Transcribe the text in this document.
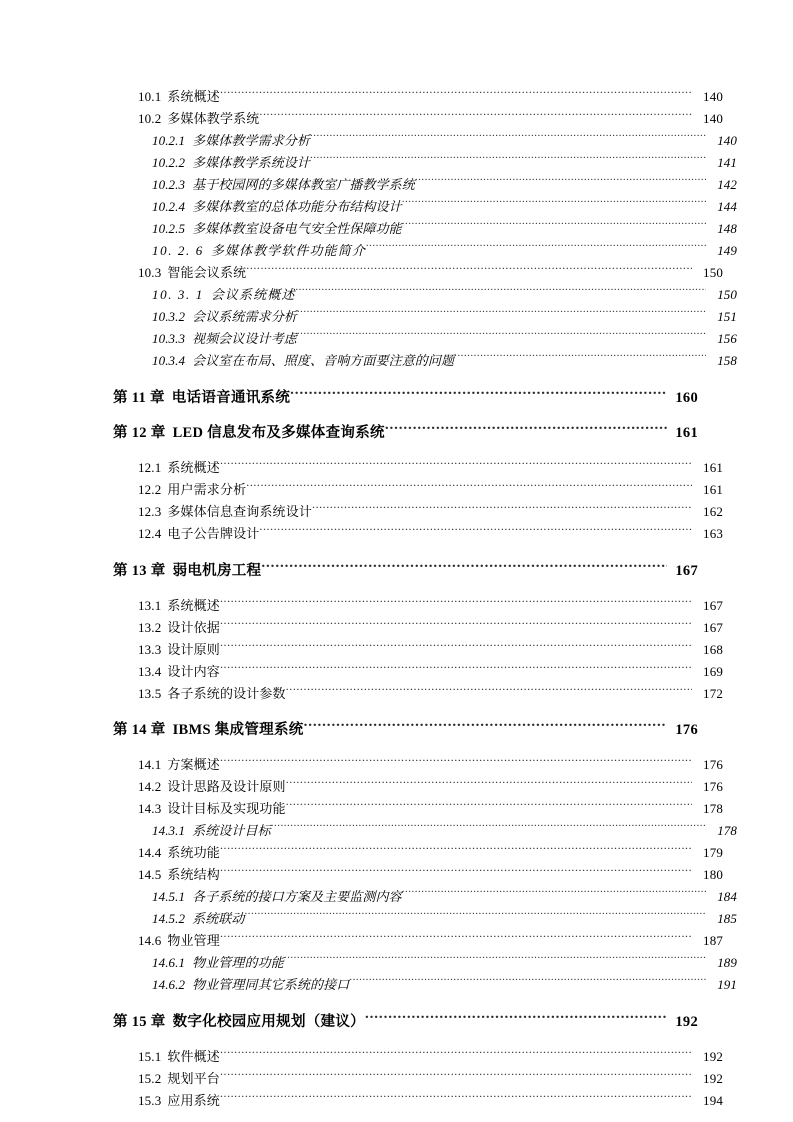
10.1 系统概述 .....	140
10.2 多媒体教学系统 .....	140
10.2.1 多媒体教学需求分析 .....	140
10.2.2 多媒体教学系统设计 .....	141
10.2.3 基于校园网的多媒体教室广播教学系统 .....	142
10.2.4 多媒体教室的总体功能分布结构设计 .....	144
10.2.5 多媒体教室设备电气安全性保障功能 .....	148
10. 2. 6 多媒体教学软件功能简介 .....	149
10.3 智能会议系统 .....	150
10. 3. 1 会议系统概述 .....	150
10.3.2 会议系统需求分析 .....	151
10.3.3 视频会议设计考虑 .....	156
10.3.4 会议室在布局、照度、音响方面要注意的问题 .....	158
第 11 章 电话语音通讯系统 .....	160
第 12 章 LED 信息发布及多媒体查询系统 .....	161
12.1 系统概述 .....	161
12.2 用户需求分析 .....	161
12.3 多媒体信息查询系统设计 .....	162
12.4 电子公告牌设计 .....	163
第 13 章 弱电机房工程 .....	167
13.1 系统概述 .....	167
13.2 设计依据 .....	167
13.3 设计原则 .....	168
13.4 设计内容 .....	169
13.5 各子系统的设计参数 .....	172
第 14 章 IBMS 集成管理系统 .....	176
14.1 方案概述 .....	176
14.2 设计思路及设计原则 .....	176
14.3 设计目标及实现功能 .....	178
14.3.1 系统设计目标 .....	178
14.4 系统功能 .....	179
14.5 系统结构 .....	180
14.5.1 各子系统的接口方案及主要监测内容 .....	184
14.5.2 系统联动 .....	185
14.6 物业管理 .....	187
14.6.1 物业管理的功能 .....	189
14.6.2 物业管理同其它系统的接口 .....	191
第 15 章 数字化校园应用规划（建议） .....	192
15.1 软件概述 .....	192
15.2 规划平台 .....	192
15.3 应用系统 .....	194
